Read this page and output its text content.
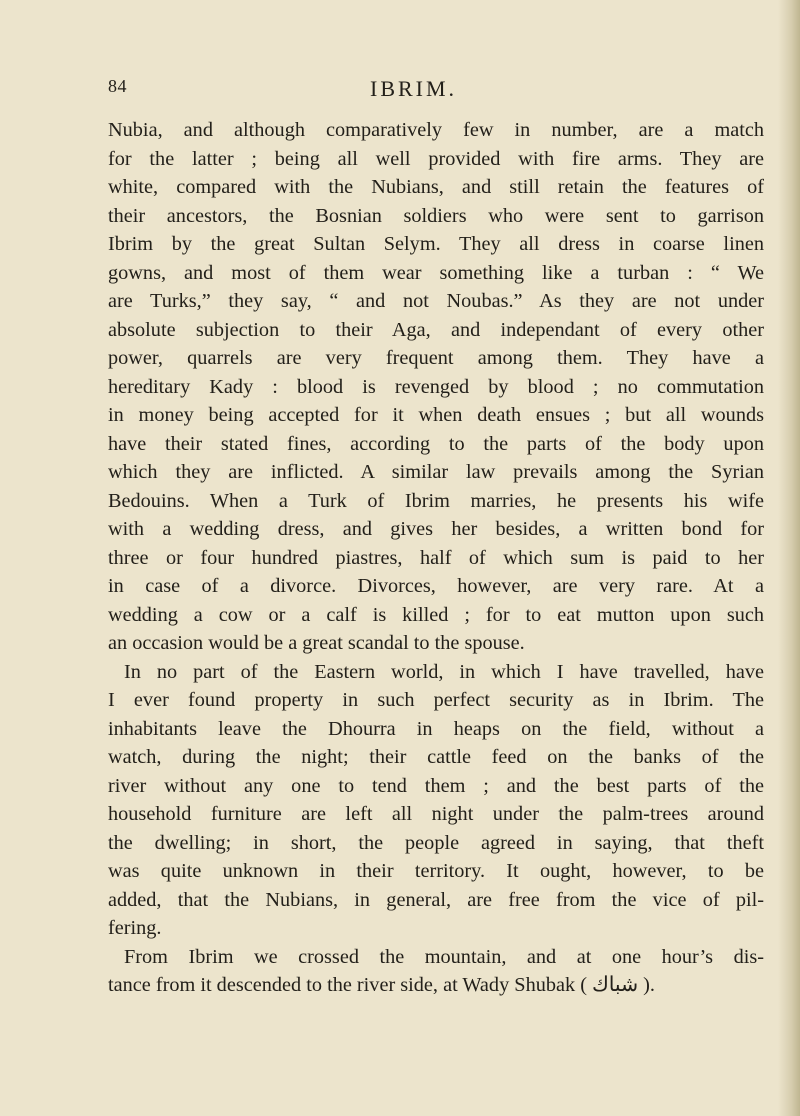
84	IBRIM.
Nubia, and although comparatively few in number, are a match
for the latter ; being all well provided with fire arms. They are
white, compared with the Nubians, and still retain the features of
their ancestors, the Bosnian soldiers who were sent to garrison
Ibrim by the great Sultan Selym. They all dress in coarse linen
gowns, and most of them wear something like a turban : “ We
are Turks,” they say, “ and not Noubas.” As they are not under
absolute subjection to their Aga, and independant of every other
power, quarrels are very frequent among them. They have a
hereditary Kady : blood is revenged by blood ; no commutation
in money being accepted for it when death ensues ; but all wounds
have their stated fines, according to the parts of the body upon
which they are inflicted. A similar law prevails among the Syrian
Bedouins. When a Turk of Ibrim marries, he presents his wife
with a wedding dress, and gives her besides, a written bond for
three or four hundred piastres, half of which sum is paid to her
in case of a divorce. Divorces, however, are very rare. At a
wedding a cow or a calf is killed ; for to eat mutton upon such
an occasion would be a great scandal to the spouse.
In no part of the Eastern world, in which I have travelled, have
I ever found property in such perfect security as in Ibrim. The
inhabitants leave the Dhourra in heaps on the field, without a
watch, during the night; their cattle feed on the banks of the
river without any one to tend them ; and the best parts of the
household furniture are left all night under the palm-trees around
the dwelling; in short, the people agreed in saying, that theft
was quite unknown in their territory. It ought, however, to be
added, that the Nubians, in general, are free from the vice of pil-
fering.
From Ibrim we crossed the mountain, and at one hour’s dis-
tance from it descended to the river side, at Wady Shubak ( شباك ).
